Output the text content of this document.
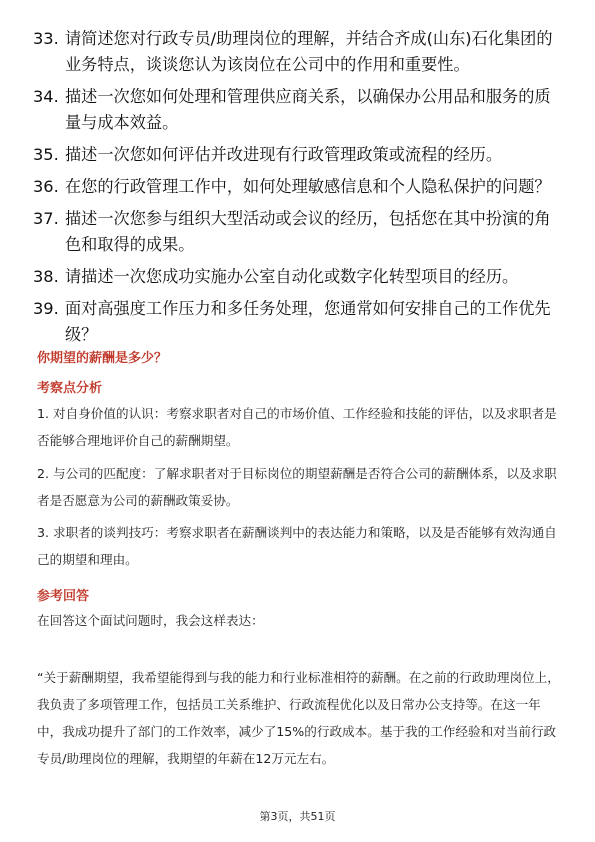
33. 请简述您对行政专员/助理岗位的理解，并结合齐成(山东)石化集团的业务特点，谈谈您认为该岗位在公司中的作用和重要性。
34. 描述一次您如何处理和管理供应商关系，以确保办公用品和服务的质量与成本效益。
35. 描述一次您如何评估并改进现有行政管理政策或流程的经历。
36. 在您的行政管理工作中，如何处理敏感信息和个人隐私保护的问题？
37. 描述一次您参与组织大型活动或会议的经历，包括您在其中扮演的角色和取得的成果。
38. 请描述一次您成功实施办公室自动化或数字化转型项目的经历。
39. 面对高强度工作压力和多任务处理，您通常如何安排自己的工作优先级？
你期望的薪酬是多少？
考察点分析

1. 对自身价值的认识：考察求职者对自己的市场价值、工作经验和技能的评估，以及求职者是否能够合理地评价自己的薪酬期望。

2. 与公司的匹配度：了解求职者对于目标岗位的期望薪酬是否符合公司的薪酬体系，以及求职者是否愿意为公司的薪酬政策妥协。

3. 求职者的谈判技巧：考察求职者在薪酬谈判中的表达能力和策略，以及是否能够有效沟通自己的期望和理由。

参考回答

在回答这个面试问题时，我会这样表达：

“关于薪酬期望，我希望能得到与我的能力和行业标准相符的薪酬。在之前的行政助理岗位上，我负责了多项管理工作，包括员工关系维护、行政流程优化以及日常办公支持等。在这一年中，我成功提升了部门的工作效率，减少了15%的行政成本。基于我的工作经验和对当前行政专员/助理岗位的理解，我期望的年薪在12万元左右。

第3页，共51页
